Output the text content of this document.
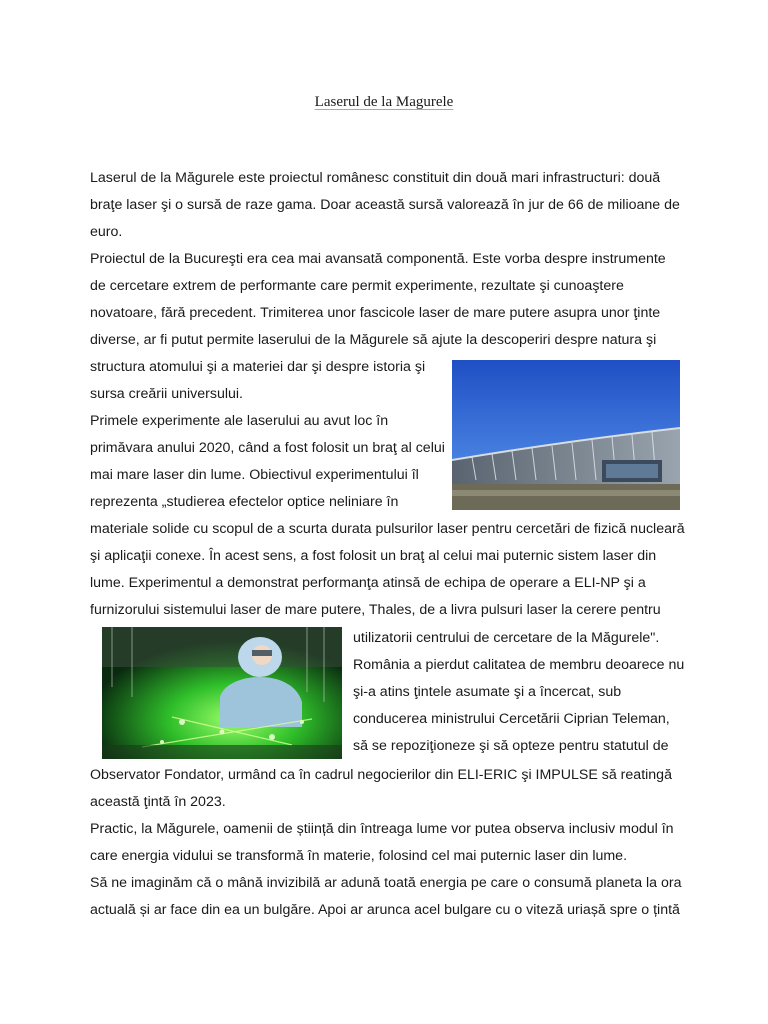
Laserul de la Magurele
Laserul de la Măgurele este proiectul românesc constituit din două mari infrastructuri: două
braţe laser şi o sursă de raze gama. Doar această sursă valorează în jur de 66 de milioane de
euro.
Proiectul de la Bucureşti era cea mai avansată componentă. Este vorba despre instrumente
de cercetare extrem de performante care permit experimente, rezultate şi cunoaştere
novatoare, fără precedent. Trimiterea unor fascicole laser de mare putere asupra unor ţinte
diverse, ar fi putut permite laserului de la Măgurele să ajute la descoperiri despre natura şi
structura atomului şi a materiei dar şi despre istoria şi
sursa creării universului.
Primele experimente ale laserului au avut loc în
primăvara anului 2020, când a fost folosit un braţ al celui
mai mare laser din lume. Obiectivul experimentului îl
reprezenta „studierea efectelor optice neliniare în
materiale solide cu scopul de a scurta durata pulsurilor laser pentru cercetări de fizică nucleară
şi aplicaţii conexe. În acest sens, a fost folosit un braţ al celui mai puternic sistem laser din
lume. Experimentul a demonstrat performanţa atinsă de echipa de operare a ELI-NP şi a
furnizorului sistemului laser de mare putere, Thales, de a livra pulsuri laser la cerere pentru
utilizatorii centrului de cercetare de la Măgurele".
România a pierdut calitatea de membru deoarece nu
şi-a atins ţintele asumate şi a încercat, sub
conducerea ministrului Cercetării Ciprian Teleman,
să se repoziţioneze şi să opteze pentru statutul de
Observator Fondator, urmând ca în cadrul negocierilor din ELI-ERIC şi IMPULSE să reatingă
această ţintă în 2023.
Practic, la Măgurele, oamenii de știință din întreaga lume vor putea observa inclusiv modul în
care energia vidului se transformă în materie, folosind cel mai puternic laser din lume.
Să ne imaginăm că o mână invizibilă ar adună toată energia pe care o consumă planeta la ora
actuală și ar face din ea un bulgăre. Apoi ar arunca acel bulgare cu o viteză uriașă spre o țintă
